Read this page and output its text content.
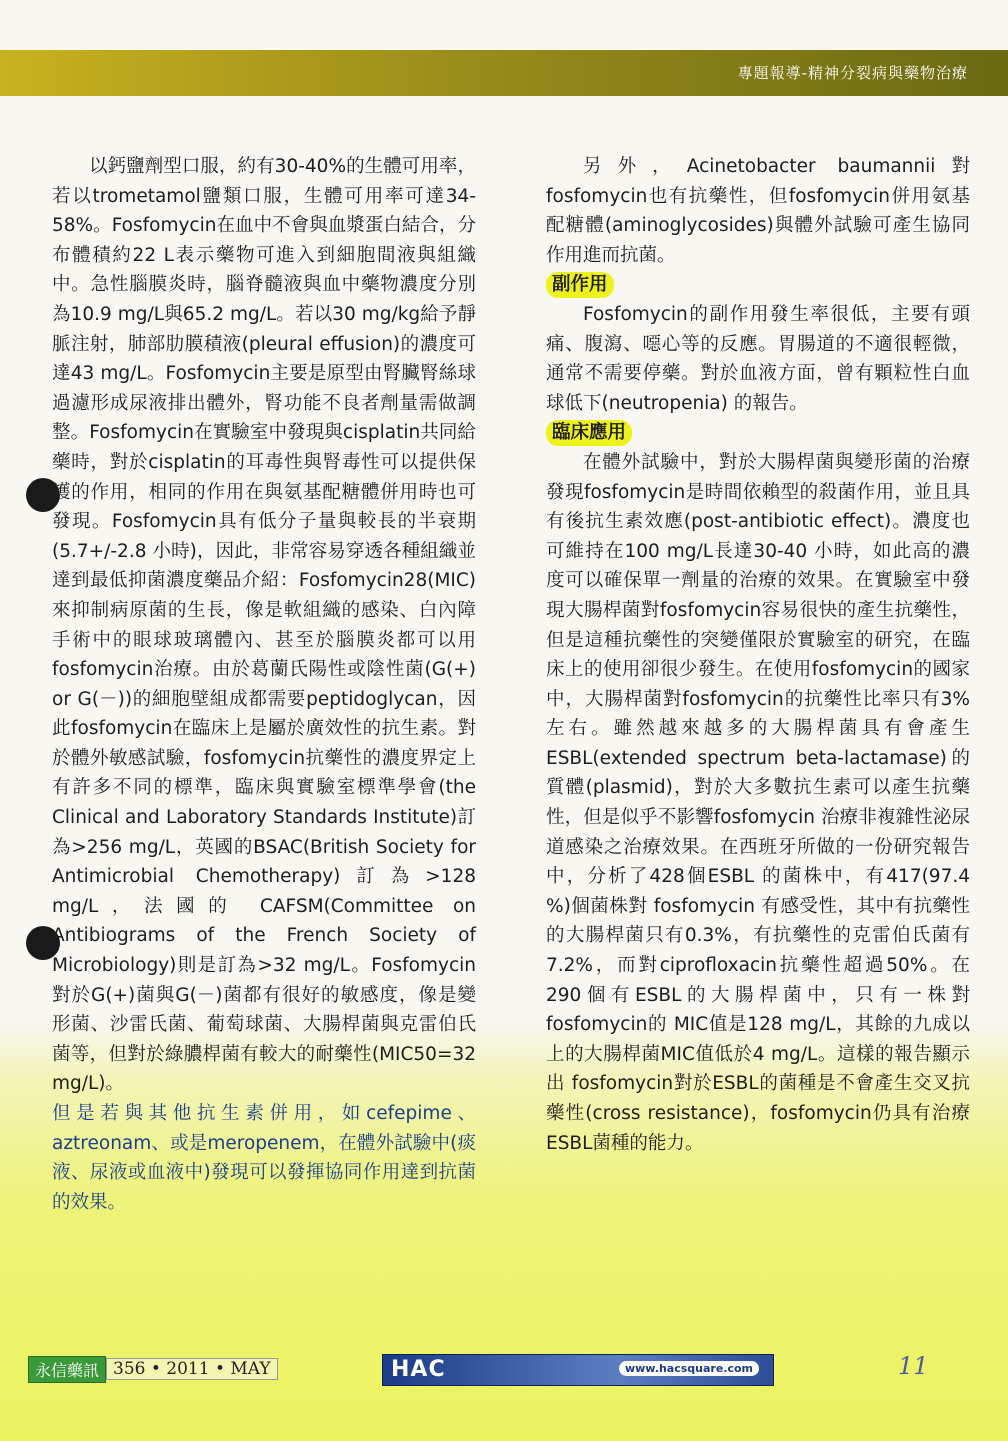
專題報導-精神分裂病與藥物治療

以鈣鹽劑型口服，約有30-40%的生體可用率，若以trometamol鹽類口服，生體可用率可達34-58%。Fosfomycin在血中不會與血漿蛋白結合，分布體積約22 L表示藥物可進入到細胞間液與組織中。急性腦膜炎時，腦脊髓液與血中藥物濃度分別為10.9 mg/L與65.2 mg/L。若以30 mg/kg給予靜脈注射，肺部肋膜積液(pleural effusion)的濃度可達43 mg/L。Fosfomycin主要是原型由腎臟腎絲球過濾形成尿液排出體外，腎功能不良者劑量需做調整。Fosfomycin在實驗室中發現與cisplatin共同給藥時，對於cisplatin的耳毒性與腎毒性可以提供保護的作用，相同的作用在與氨基配糖體併用時也可發現。Fosfomycin具有低分子量與較長的半衰期(5.7+/-2.8 小時)，因此，非常容易穿透各種組織並達到最低抑菌濃度藥品介紹：Fosfomycin28(MIC)來抑制病原菌的生長，像是軟組織的感染、白內障手術中的眼球玻璃體內、甚至於腦膜炎都可以用fosfomycin治療。由於葛蘭氏陽性或陰性菌(G(+) or G(－))的細胞壁組成都需要peptidoglycan，因此fosfomycin在臨床上是屬於廣效性的抗生素。對於體外敏感試驗，fosfomycin抗藥性的濃度界定上有許多不同的標準，臨床與實驗室標準學會(the Clinical and Laboratory Standards Institute)訂為>256 mg/L，英國的BSAC(British Society for Antimicrobial Chemotherapy)訂為>128 mg/L，法國的 CAFSM(Committee on Antibiograms of the French Society of Microbiology)則是訂為>32 mg/L。Fosfomycin對於G(+)菌與G(－)菌都有很好的敏感度，像是變形菌、沙雷氏菌、葡萄球菌、大腸桿菌與克雷伯氏菌等，但對於綠膿桿菌有較大的耐藥性(MIC50=32 mg/L)。

但是若與其他抗生素併用，如cefepime、aztreonam、或是meropenem，在體外試驗中(痰液、尿液或血液中)發現可以發揮協同作用達到抗菌的效果。

另外，Acinetobacter baumannii對fosfomycin也有抗藥性，但fosfomycin併用氨基配糖體(aminoglycosides)與體外試驗可產生協同作用進而抗菌。

副作用

Fosfomycin的副作用發生率很低，主要有頭痛、腹瀉、噁心等的反應。胃腸道的不適很輕微，通常不需要停藥。對於血液方面，曾有顆粒性白血球低下(neutropenia) 的報告。

臨床應用

在體外試驗中，對於大腸桿菌與變形菌的治療發現fosfomycin是時間依賴型的殺菌作用，並且具有後抗生素效應(post-antibiotic effect)。濃度也可維持在100 mg/L長達30-40 小時，如此高的濃度可以確保單一劑量的治療的效果。在實驗室中發現大腸桿菌對fosfomycin容易很快的產生抗藥性，但是這種抗藥性的突變僅限於實驗室的研究，在臨床上的使用卻很少發生。在使用fosfomycin的國家中，大腸桿菌對fosfomycin的抗藥性比率只有3%左右。雖然越來越多的大腸桿菌具有會產生ESBL(extended spectrum beta-lactamase)的質體(plasmid)，對於大多數抗生素可以產生抗藥性，但是似乎不影響fosfomycin 治療非複雜性泌尿道感染之治療效果。在西班牙所做的一份研究報告中，分析了428個ESBL 的菌株中，有417(97.4 %)個菌株對 fosfomycin 有感受性，其中有抗藥性的大腸桿菌只有0.3%，有抗藥性的克雷伯氏菌有7.2%，而對ciprofloxacin抗藥性超過50%。在290個有ESBL的大腸桿菌中，只有一株對fosfomycin的 MIC值是128 mg/L，其餘的九成以上的大腸桿菌MIC值低於4 mg/L。這樣的報告顯示出 fosfomycin對於ESBL的菌種是不會產生交叉抗藥性(cross resistance)，fosfomycin仍具有治療ESBL菌種的能力。

永信藥訊 356 • 2011 • MAY	HAC	www.hacsquare.com	11
